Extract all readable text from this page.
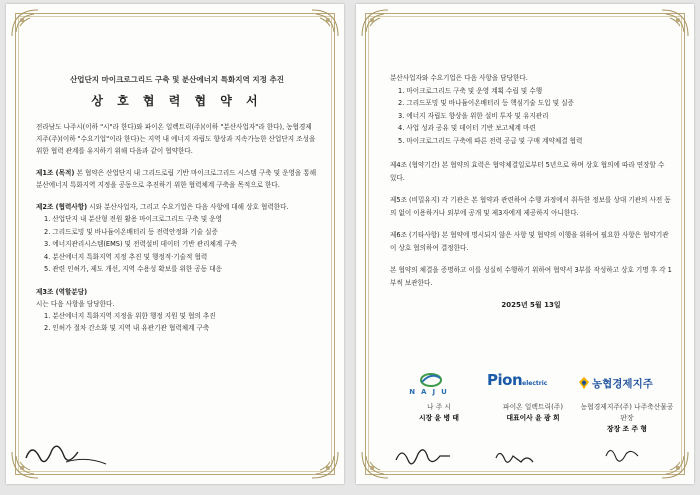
산업단지 마이크로그리드 구축 및 분산에너지 특화지역 지정 추진
상 호 협 력 협 약 서
전라남도 나주시(이하 "시"라 한다)와 파이온 일렉트릭(주)(이하 "분산사업자"라 한다), 농협경제지주(주)(이하 "수요기업"이라 한다)는 지역 내 에너지 자립도 향상과 지속가능한 산업단지 조성을 위한 협력 관계를 유지하기 위해 다음과 같이 협약한다.
제1조 (목적) 본 협약은 산업단지 내 그리드로립 기반 마이크로그리드 시스템 구축 및 운영을 통해 분산에너지 특화지역 지정을 공동으로 추진하기 위한 협력체계 구축을 목적으로 한다.
제2조 (협력사항) 시와 분산사업자, 그리고 수요기업은 다음 사항에 대해 상호 협력한다.
1. 산업단지 내 분산형 전원 활용 마이크로그리드 구축 및 운영
2. 그리드로밍 및 바나듐이온배터리 등 전력안정화 기술 실증
3. 에너지관리시스템(EMS) 및 전력설비 데이터 기반 관리체계 구축
4. 분산에너지 특화지역 지정 추진 및 행정적·기술적 협력
5. 관련 인허가, 제도 개선, 지역 수용성 확보를 위한 공동 대응
제3조 (역할분담)
시는 다음 사항을 담당한다.
1. 분산에너지 특화지역 지정을 위한 행정 지원 및 협의 추진
2. 인허가 절차 간소화 및 지역 내 유관기관 협력체계 구축
분산사업자와 수요기업은 다음 사항을 담당한다.
1. 마이크로그리드 구축 및 운영 계획 수립 및 수행
2. 그리드포밍 및 바나듐이온배터리 등 핵심기술 도입 및 실증
3. 에너지 자립도 향상을 위한 설비 투자 및 유지관리
4. 사업 성과 공유 및 데이터 기반 보고체계 마련
5. 마이크로그리드 구축에 따른 전력 공급 및 구매 계약체결 협력
제4조 (협약기간) 본 협약의 효력은 협약체결일로부터 5년으로 하며 상호 협의에 따라 연장할 수 있다.
제5조 (비밀유지) 각 기관은 본 협약과 관련하여 수행 과정에서 취득한 정보를 상대 기관의 사전 동의 없이 이용하거나 외부에 공개 및 제3자에게 제공하지 아니한다.
제6조 (기타사항) 본 협약에 명시되지 않은 사항 및 협약의 이행을 위하여 필요한 사항은 협약기관이 상호 협의하여 결정한다.
본 협약의 체결을 증명하고 이를 성실히 수행하기 위하여 협약서 3부를 작성하고 상호 기명 후 각 1부씩 보관한다.
2025년 5월 13일
NAJU
Pionelectric	농협경제지주
나 주 시
시장 윤 병 태
파이온 일렉트릭(주)
대표이사 윤 광 희
농협경제지주(주) 나주축산물공판장
장장 조 주 형
